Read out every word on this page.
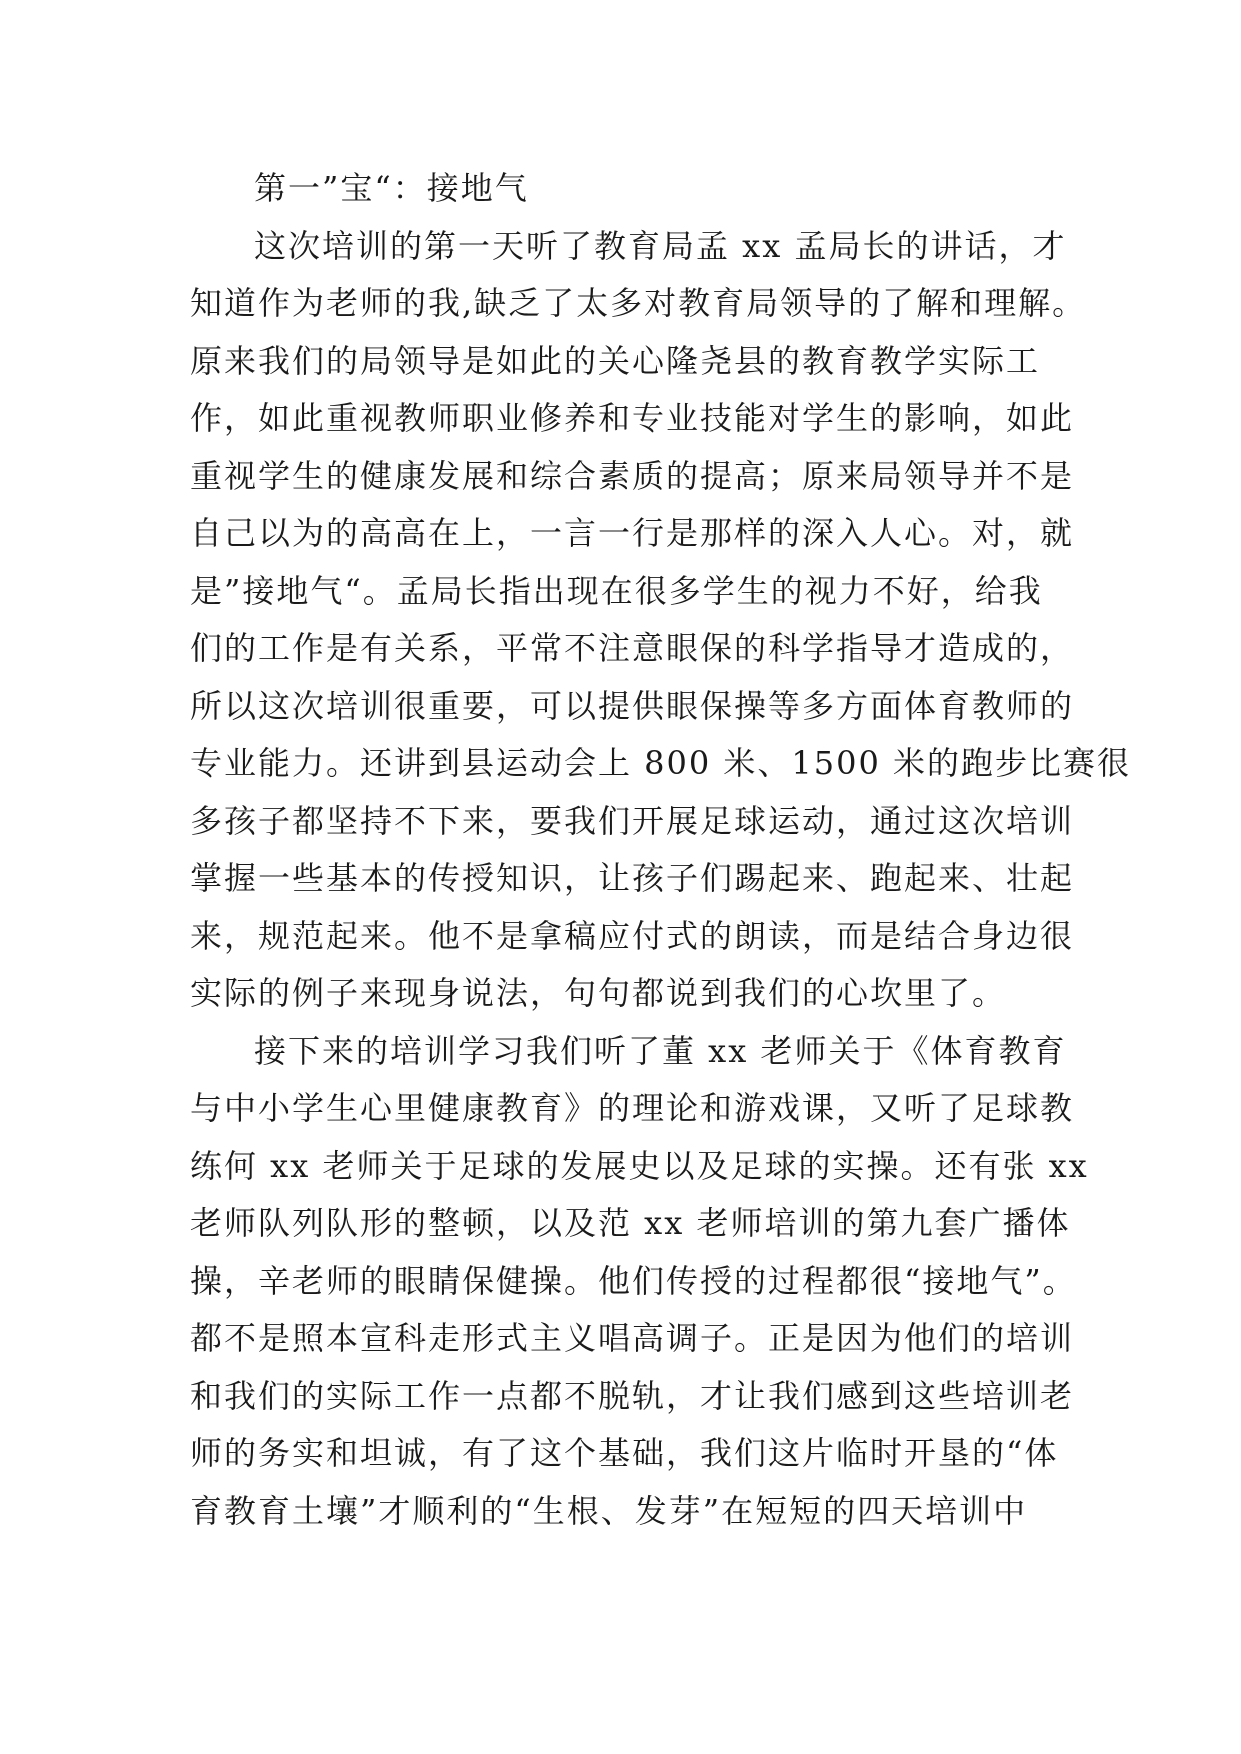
第一”宝“：接地气
这次培训的第一天听了教育局孟 xx 孟局长的讲话，才
知道作为老师的我,缺乏了太多对教育局领导的了解和理解。
原来我们的局领导是如此的关心隆尧县的教育教学实际工
作，如此重视教师职业修养和专业技能对学生的影响，如此
重视学生的健康发展和综合素质的提高；原来局领导并不是
自己以为的高高在上，一言一行是那样的深入人心。对，就
是”接地气“。孟局长指出现在很多学生的视力不好，给我
们的工作是有关系，平常不注意眼保的科学指导才造成的，
所以这次培训很重要，可以提供眼保操等多方面体育教师的
专业能力。还讲到县运动会上 800 米、1500 米的跑步比赛很
多孩子都坚持不下来，要我们开展足球运动，通过这次培训
掌握一些基本的传授知识，让孩子们踢起来、跑起来、壮起
来，规范起来。他不是拿稿应付式的朗读，而是结合身边很
实际的例子来现身说法，句句都说到我们的心坎里了。
接下来的培训学习我们听了董 xx 老师关于《体育教育
与中小学生心里健康教育》的理论和游戏课，又听了足球教
练何 xx 老师关于足球的发展史以及足球的实操。还有张 xx
老师队列队形的整顿，以及范 xx 老师培训的第九套广播体
操，辛老师的眼睛保健操。他们传授的过程都很“接地气”。
都不是照本宣科走形式主义唱高调子。正是因为他们的培训
和我们的实际工作一点都不脱轨，才让我们感到这些培训老
师的务实和坦诚，有了这个基础，我们这片临时开垦的“体
育教育土壤”才顺利的“生根、发芽”在短短的四天培训中
